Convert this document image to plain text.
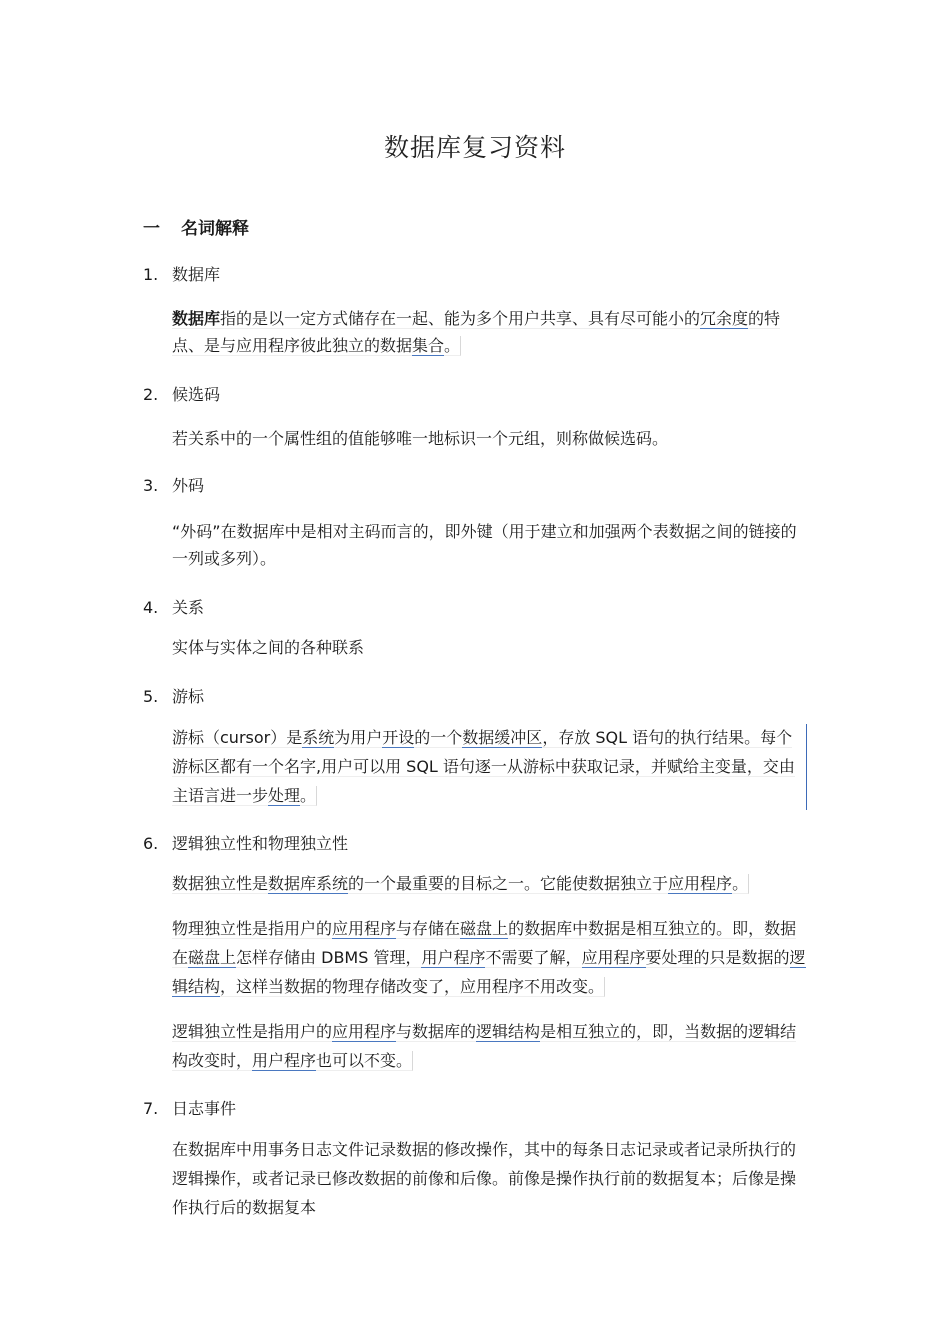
数据库复习资料
一 名词解释
1. 数据库

数据库指的是以一定方式储存在一起、能为多个用户共享、具有尽可能小的冗余度的特点、是与应用程序彼此独立的数据集合。

2. 候选码

若关系中的一个属性组的值能够唯一地标识一个元组，则称做候选码。

3. 外码

“外码”在数据库中是相对主码而言的，即外键（用于建立和加强两个表数据之间的链接的一列或多列）。

4. 关系

实体与实体之间的各种联系

5. 游标

游标（cursor）是系统为用户开设的一个数据缓冲区，存放 SQL 语句的执行结果。每个游标区都有一个名字,用户可以用 SQL 语句逐一从游标中获取记录，并赋给主变量，交由主语言进一步处理。

6. 逻辑独立性和物理独立性

数据独立性是数据库系统的一个最重要的目标之一。它能使数据独立于应用程序。

物理独立性是指用户的应用程序与存储在磁盘上的数据库中数据是相互独立的。即，数据在磁盘上怎样存储由 DBMS 管理，用户程序不需要了解，应用程序要处理的只是数据的逻辑结构，这样当数据的物理存储改变了，应用程序不用改变。

逻辑独立性是指用户的应用程序与数据库的逻辑结构是相互独立的，即，当数据的逻辑结构改变时，用户程序也可以不变。

7. 日志事件

在数据库中用事务日志文件记录数据的修改操作，其中的每条日志记录或者记录所执行的逻辑操作，或者记录已修改数据的前像和后像。前像是操作执行前的数据复本；后像是操作执行后的数据复本
